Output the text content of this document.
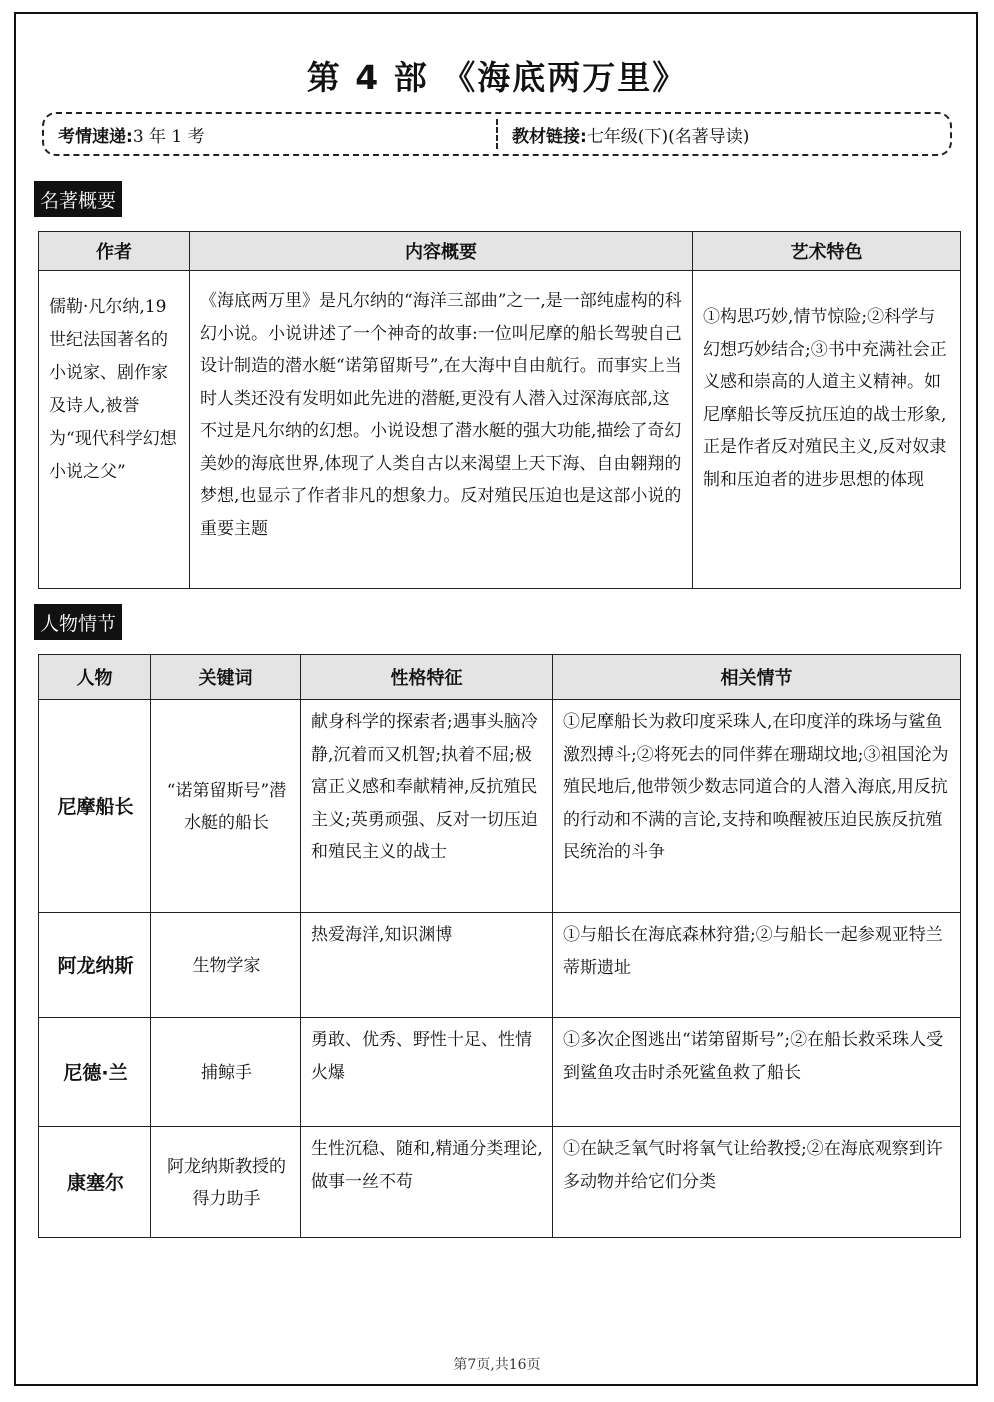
第 4 部 《海底两万里》
考情速递: 3 年 1 考	教材链接: 七年级(下)(名著导读)
名著概要
作者	内容概要	艺术特色
儒勒·凡尔纳,19 世纪法国著名的小说家、剧作家及诗人,被誉为“现代科学幻想小说之父”	《海底两万里》是凡尔纳的“海洋三部曲”之一,是一部纯虚构的科幻小说。小说讲述了一个神奇的故事:一位叫尼摩的船长驾驶自己设计制造的潜水艇“诺第留斯号”,在大海中自由航行。而事实上当时人类还没有发明如此先进的潜艇,更没有人潜入过深海底部,这不过是凡尔纳的幻想。小说设想了潜水艇的强大功能,描绘了奇幻美妙的海底世界,体现了人类自古以来渴望上天下海、自由翱翔的梦想,也显示了作者非凡的想象力。反对殖民压迫也是这部小说的重要主题	①构思巧妙,情节惊险;②科学与幻想巧妙结合;③书中充满社会正义感和崇高的人道主义精神。如尼摩船长等反抗压迫的战士形象,正是作者反对殖民主义,反对奴隶制和压迫者的进步思想的体现
人物情节
人物	关键词	性格特征	相关情节
尼摩船长	“诺第留斯号”潜水艇的船长	献身科学的探索者;遇事头脑冷静,沉着而又机智;执着不屈;极富正义感和奉献精神,反抗殖民主义;英勇顽强、反对一切压迫和殖民主义的战士	①尼摩船长为救印度采珠人,在印度洋的珠场与鲨鱼激烈搏斗;②将死去的同伴葬在珊瑚坟地;③祖国沦为殖民地后,他带领少数志同道合的人潜入海底,用反抗的行动和不满的言论,支持和唤醒被压迫民族反抗殖民统治的斗争
阿龙纳斯	生物学家	热爱海洋,知识渊博	①与船长在海底森林狩猎;②与船长一起参观亚特兰蒂斯遗址
尼德·兰	捕鲸手	勇敢、优秀、野性十足、性情火爆	①多次企图逃出“诺第留斯号”;②在船长救采珠人受到鲨鱼攻击时杀死鲨鱼救了船长
康塞尔	阿龙纳斯教授的得力助手	生性沉稳、随和,精通分类理论,做事一丝不苟	①在缺乏氧气时将氧气让给教授;②在海底观察到许多动物并给它们分类
第7页,共16页
